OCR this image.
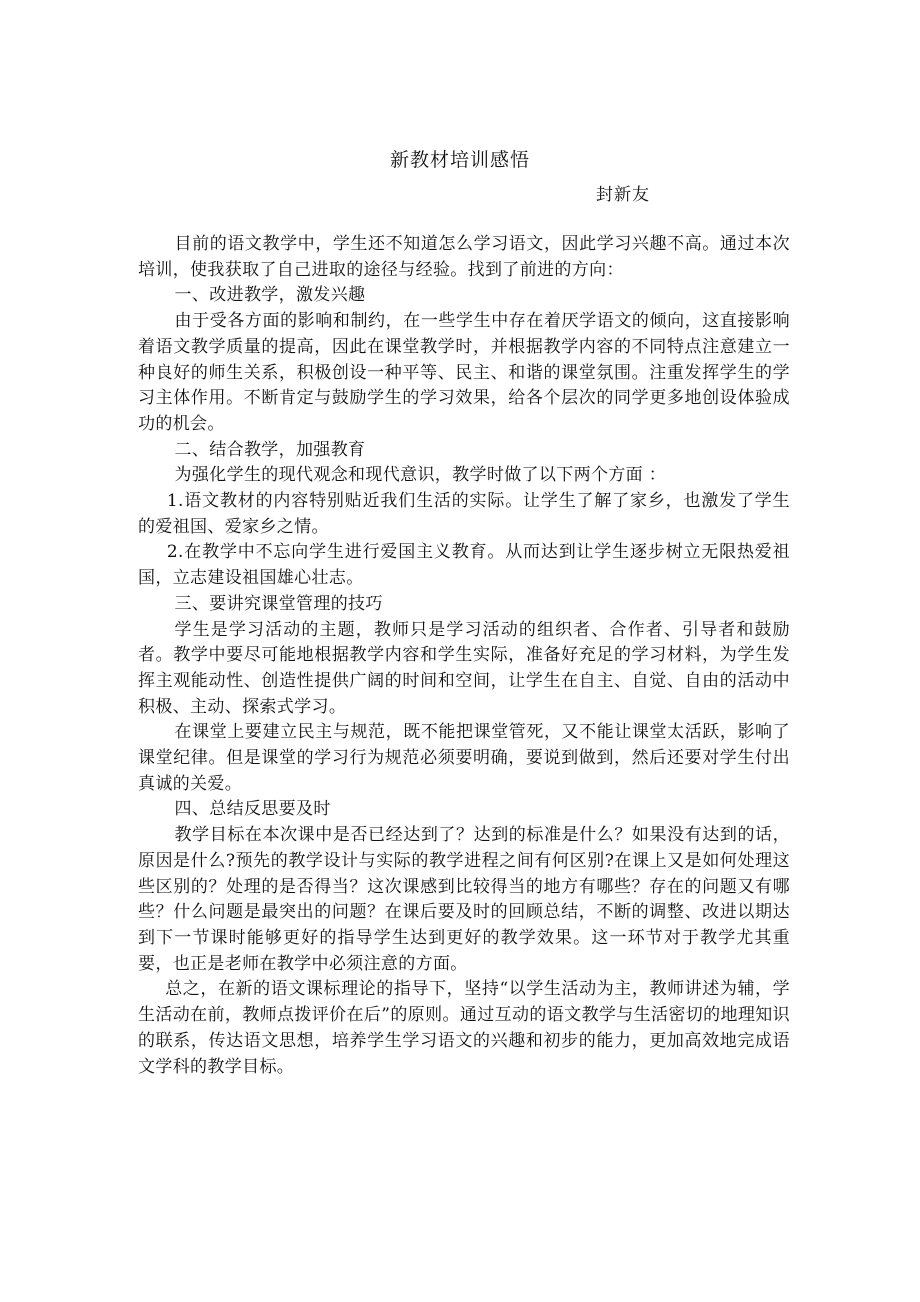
新教材培训感悟
封新友

目前的语文教学中，学生还不知道怎么学习语文，因此学习兴趣不高。通过本次培训，使我获取了自己进取的途径与经验。找到了前进的方向：

一、改进教学，激发兴趣

由于受各方面的影响和制约，在一些学生中存在着厌学语文的倾向，这直接影响着语文教学质量的提高，因此在课堂教学时，并根据教学内容的不同特点注意建立一种良好的师生关系，积极创设一种平等、民主、和谐的课堂氛围。注重发挥学生的学习主体作用。不断肯定与鼓励学生的学习效果，给各个层次的同学更多地创设体验成功的机会。

二、结合教学，加强教育

为强化学生的现代观念和现代意识，教学时做了以下两个方面 ：

1.语文教材的内容特别贴近我们生活的实际。让学生了解了家乡，也激发了学生的爱祖国、爱家乡之情。

2.在教学中不忘向学生进行爱国主义教育。从而达到让学生逐步树立无限热爱祖国，立志建设祖国雄心壮志。

三、要讲究课堂管理的技巧

学生是学习活动的主题，教师只是学习活动的组织者、合作者、引导者和鼓励者。教学中要尽可能地根据教学内容和学生实际，准备好充足的学习材料，为学生发挥主观能动性、创造性提供广阔的时间和空间，让学生在自主、自觉、自由的活动中积极、主动、探索式学习。

在课堂上要建立民主与规范，既不能把课堂管死，又不能让课堂太活跃，影响了课堂纪律。但是课堂的学习行为规范必须要明确，要说到做到，然后还要对学生付出真诚的关爱。

四、总结反思要及时

教学目标在本次课中是否已经达到了？达到的标准是什么？如果没有达到的话，原因是什么?预先的教学设计与实际的教学进程之间有何区别?在课上又是如何处理这些区别的？处理的是否得当？这次课感到比较得当的地方有哪些？存在的问题又有哪些？什么问题是最突出的问题？在课后要及时的回顾总结，不断的调整、改进以期达到下一节课时能够更好的指导学生达到更好的教学效果。这一环节对于教学尤其重要，也正是老师在教学中必须注意的方面。

总之，在新的语文课标理论的指导下，坚持“以学生活动为主，教师讲述为辅，学生活动在前，教师点拨评价在后”的原则。通过互动的语文教学与生活密切的地理知识的联系，传达语文思想，培养学生学习语文的兴趣和初步的能力，更加高效地完成语文学科的教学目标。
